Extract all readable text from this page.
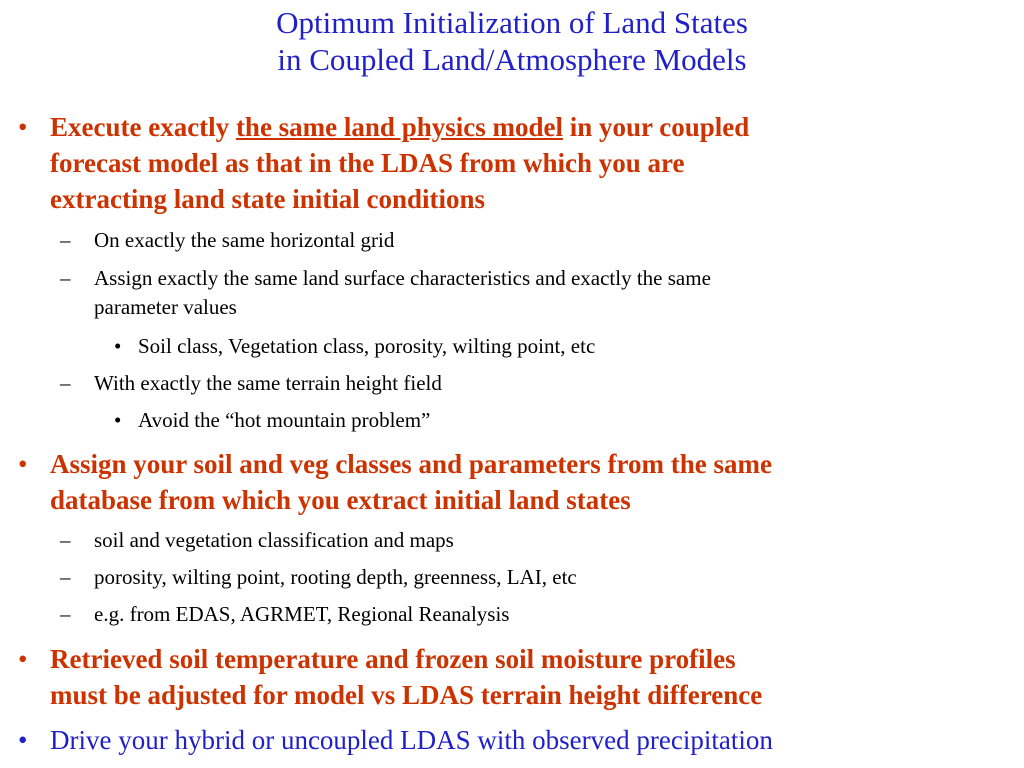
Optimum Initialization of Land States
in Coupled Land/Atmosphere Models
• Execute exactly the same land physics model in your coupled
forecast model as that in the LDAS from which you are
extracting land state initial conditions
– On exactly the same horizontal grid
– Assign exactly the same land surface characteristics and exactly the same
parameter values
• Soil class, Vegetation class, porosity, wilting point, etc
– With exactly the same terrain height field
• Avoid the “hot mountain problem”
• Assign your soil and veg classes and parameters from the same
database from which you extract initial land states
– soil and vegetation classification and maps
– porosity, wilting point, rooting depth, greenness, LAI, etc
– e.g. from EDAS, AGRMET, Regional Reanalysis
• Retrieved soil temperature and frozen soil moisture profiles
must be adjusted for model vs LDAS terrain height difference
• Drive your hybrid or uncoupled LDAS with observed precipitation
